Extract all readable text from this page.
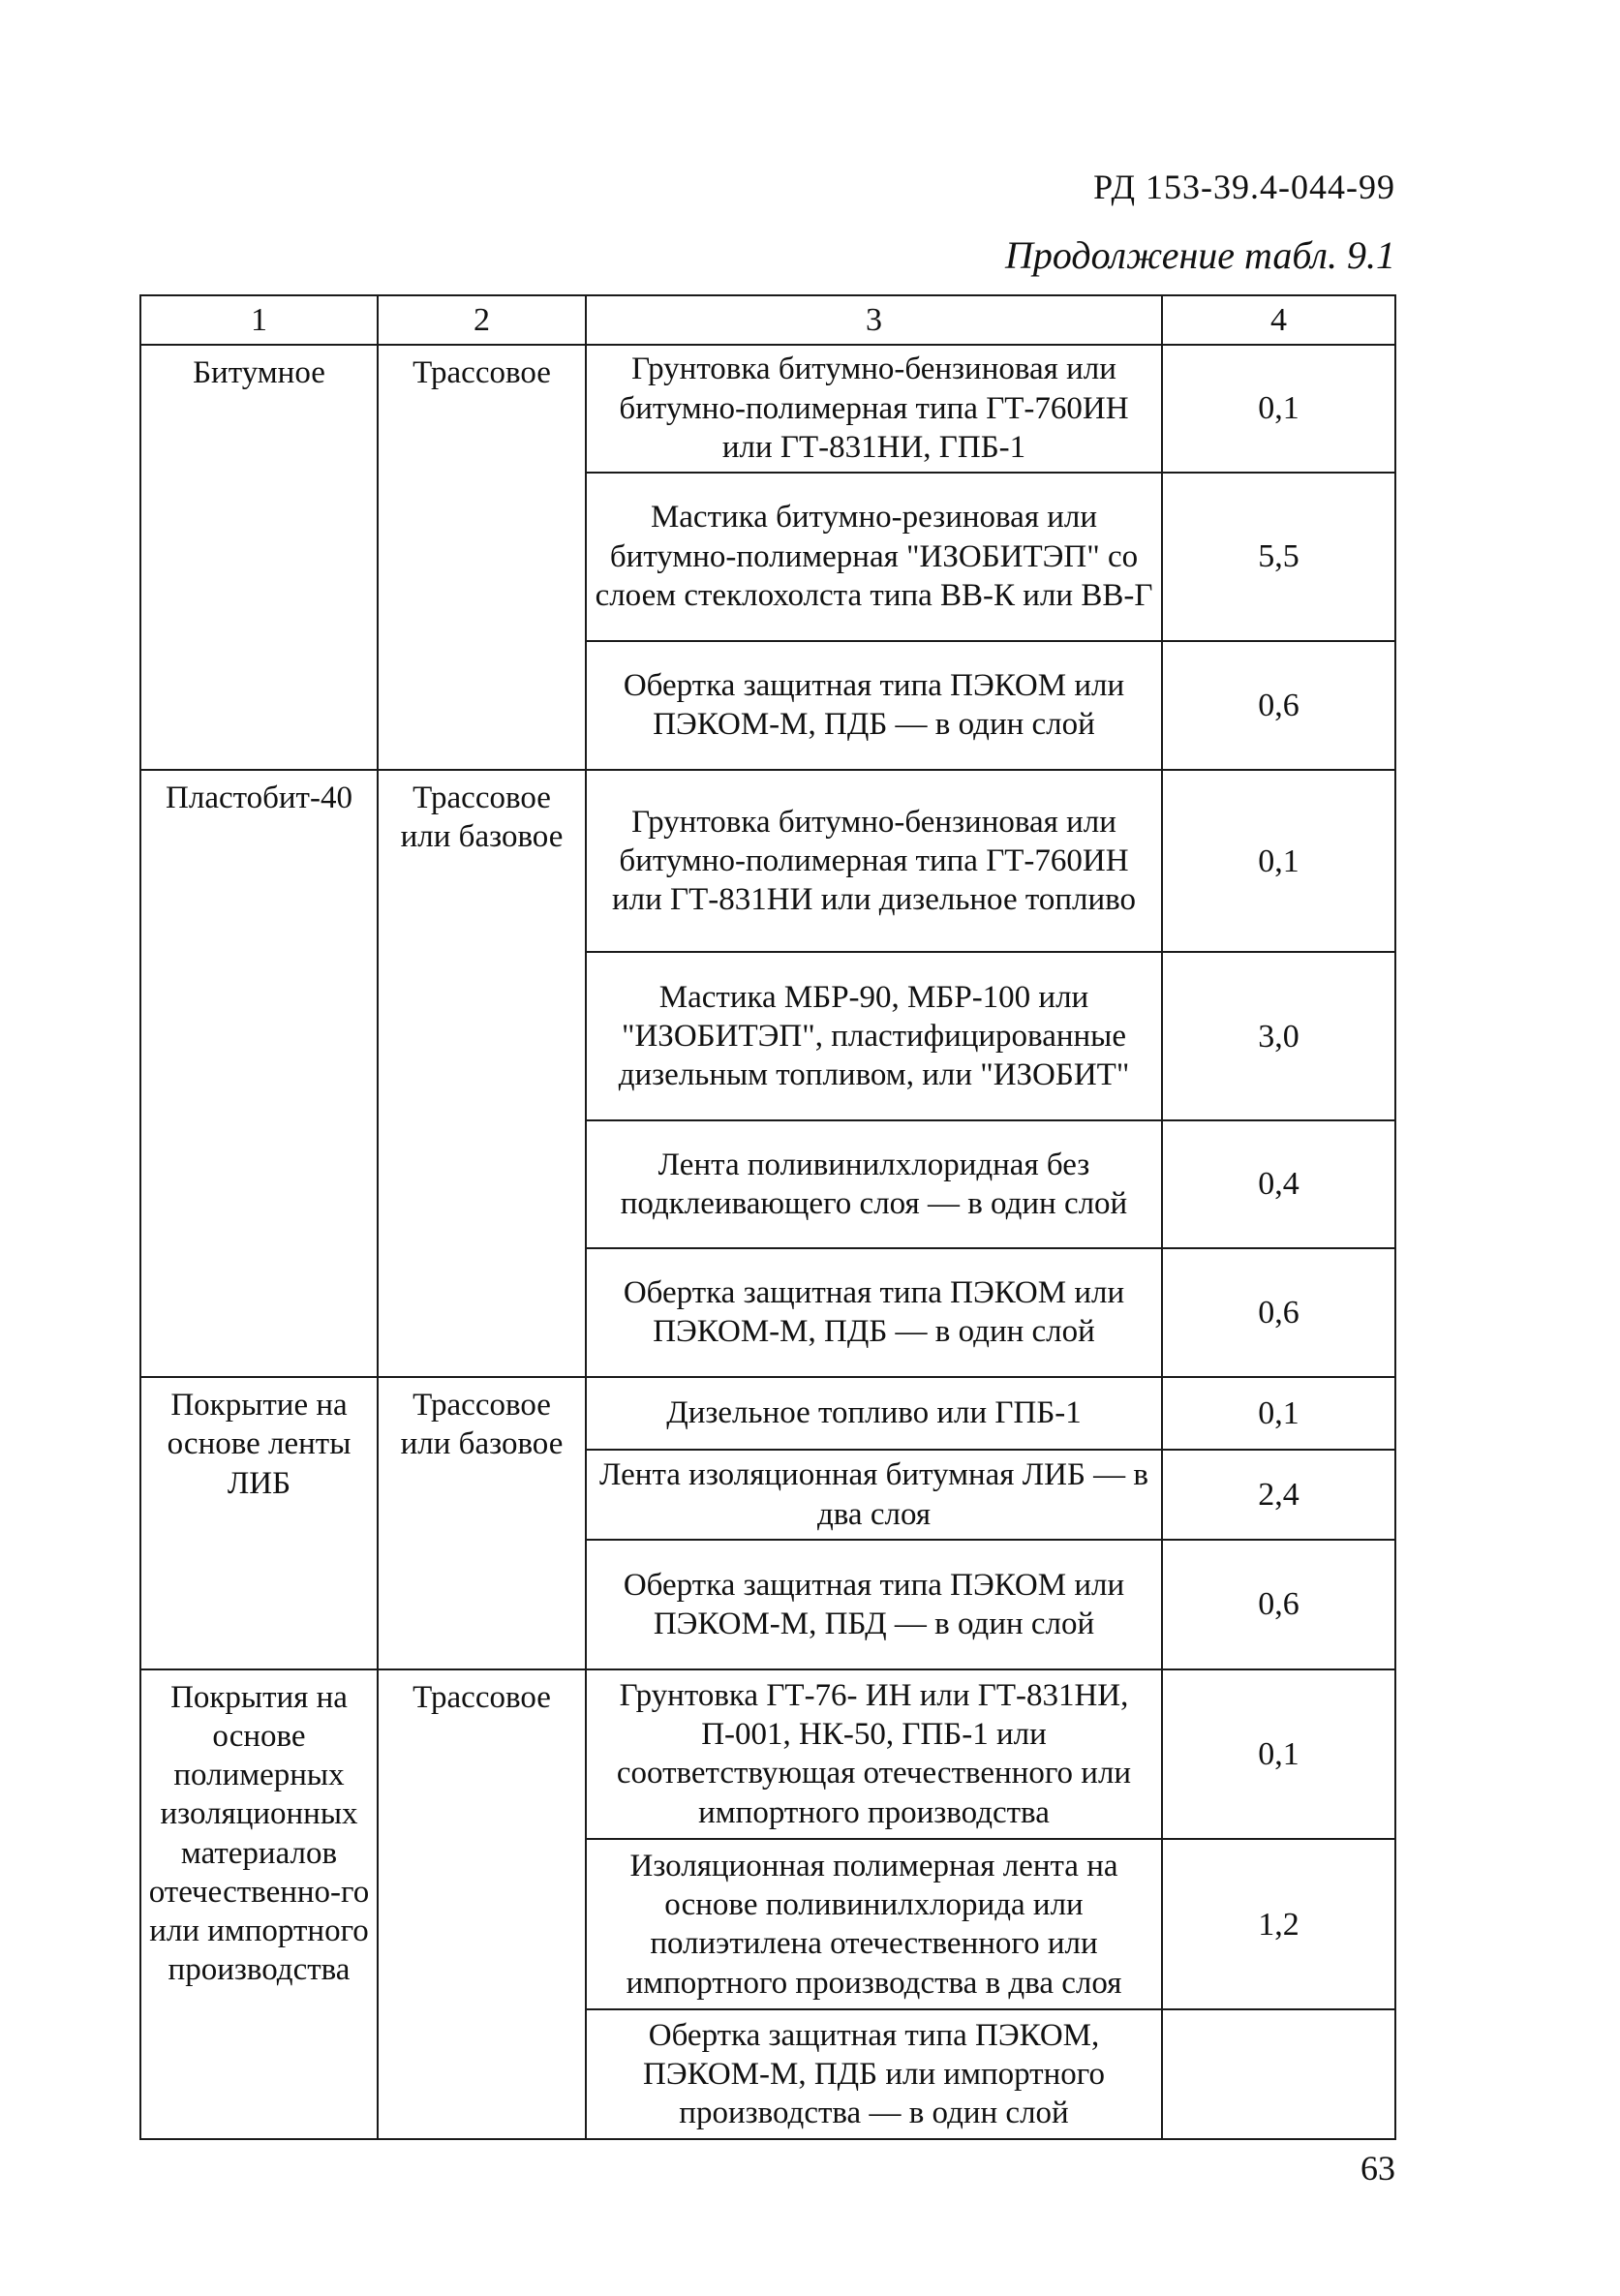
РД 153-39.4-044-99
Продолжение табл. 9.1
1	2	3	4
Битумное	Трассовое	Грунтовка битумно-бензиновая или битумно-полимерная типа ГТ-760ИН или ГТ-831НИ, ГПБ-1	0,1
		Мастика битумно-резиновая или битумно-полимерная "ИЗОБИТЭП" со слоем стеклохолста типа ВВ-К или ВВ-Г	5,5
		Обертка защитная типа ПЭКОМ или ПЭКОМ-М, ПДБ — в один слой	0,6
Пластобит-40	Трассовое или базовое	Грунтовка битумно-бензиновая или битумно-полимерная типа ГТ-760ИН или ГТ-831НИ или дизельное топливо	0,1
		Мастика МБР-90, МБР-100 или "ИЗОБИТЭП", пластифицированные дизельным топливом, или "ИЗОБИТ"	3,0
		Лента поливинилхлоридная без подклеивающего слоя — в один слой	0,4
		Обертка защитная типа ПЭКОМ или ПЭКОМ-М, ПДБ — в один слой	0,6
Покрытие на основе ленты ЛИБ	Трассовое или базовое	Дизельное топливо или ГПБ-1	0,1
		Лента изоляционная битумная ЛИБ — в два слоя	2,4
		Обертка защитная типа ПЭКОМ или ПЭКОМ-М, ПБД — в один слой	0,6
Покрытия на основе полимерных изоляционных материалов отечественно-го или импортного производства	Трассовое	Грунтовка ГТ-76- ИН или ГТ-831НИ, П-001, НК-50, ГПБ-1 или соответствующая отечественного или импортного производства	0,1
		Изоляционная полимерная лента на основе поливинилхлорида или полиэтилена отечественного или импортного производства в два слоя	1,2
		Обертка защитная типа ПЭКОМ, ПЭКОМ-М, ПДБ или импортного производства — в один слой	
63
